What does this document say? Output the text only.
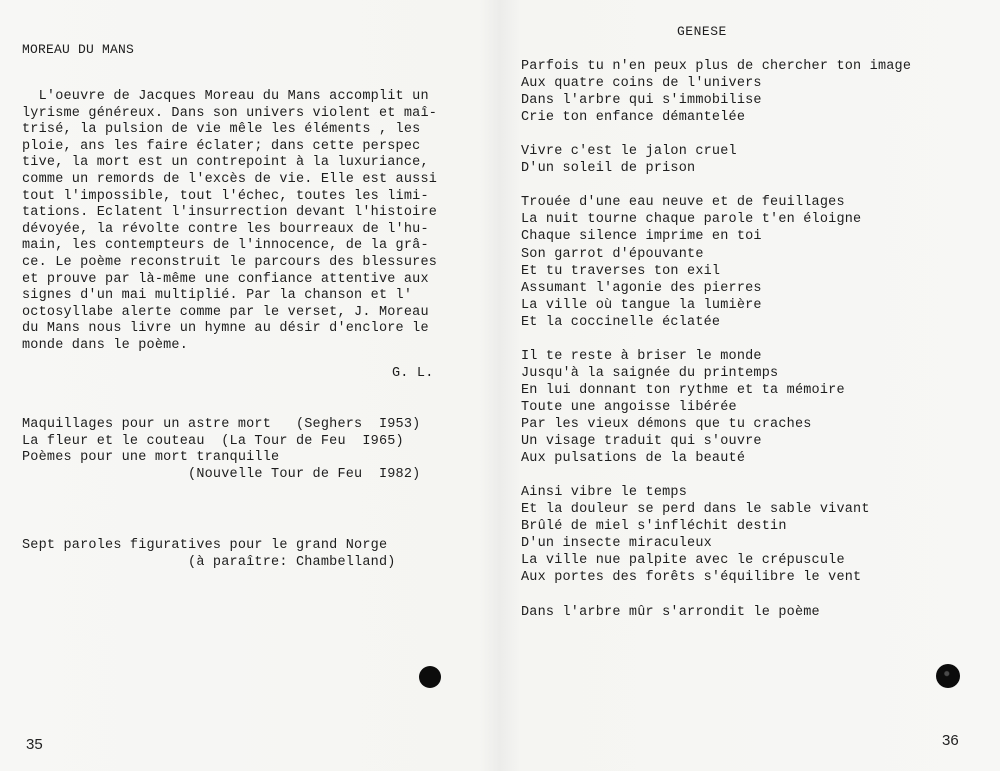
MOREAU DU MANS
L'oeuvre de Jacques Moreau du Mans accomplit un
lyrisme généreux. Dans son univers violent et maî-
trisé, la pulsion de vie mêle les éléments , les
ploie, ans les faire éclater; dans cette perspec
tive, la mort est un contrepoint à la luxuriance,
comme un remords de l'excès de vie. Elle est aussi
tout l'impossible, tout l'échec, toutes les limi-
tations. Eclatent l'insurrection devant l'histoire
dévoyée, la révolte contre les bourreaux de l'hu-
main, les contempteurs de l'innocence, de la grâ-
ce. Le poème reconstruit le parcours des blessures
et prouve par là-même une confiance attentive aux
signes d'un mai multiplié. Par la chanson et l'
octosyllabe alerte comme par le verset, J. Moreau
du Mans nous livre un hymne au désir d'enclore le
monde dans le poème.
G. L.
Maquillages pour un astre mort   (Seghers  I953)
La fleur et le couteau  (La Tour de Feu  I965)
Poèmes pour une mort tranquille
(Nouvelle Tour de Feu  I982)
Sept paroles figuratives pour le grand Norge
(à paraître: Chambelland)
35
GENESE
Parfois tu n'en peux plus de chercher ton image
Aux quatre coins de l'univers
Dans l'arbre qui s'immobilise
Crie ton enfance démantelée
Vivre c'est le jalon cruel
D'un soleil de prison
Trouée d'une eau neuve et de feuillages
La nuit tourne chaque parole t'en éloigne
Chaque silence imprime en toi
Son garrot d'épouvante
Et tu traverses ton exil
Assumant l'agonie des pierres
La ville où tangue la lumière
Et la coccinelle éclatée
Il te reste à briser le monde
Jusqu'à la saignée du printemps
En lui donnant ton rythme et ta mémoire
Toute une angoisse libérée
Par les vieux démons que tu craches
Un visage traduit qui s'ouvre
Aux pulsations de la beauté
Ainsi vibre le temps
Et la douleur se perd dans le sable vivant
Brûlé de miel s'infléchit destin
D'un insecte miraculeux
La ville nue palpite avec le crépuscule
Aux portes des forêts s'équilibre le vent
Dans l'arbre mûr s'arrondit le poème
36
